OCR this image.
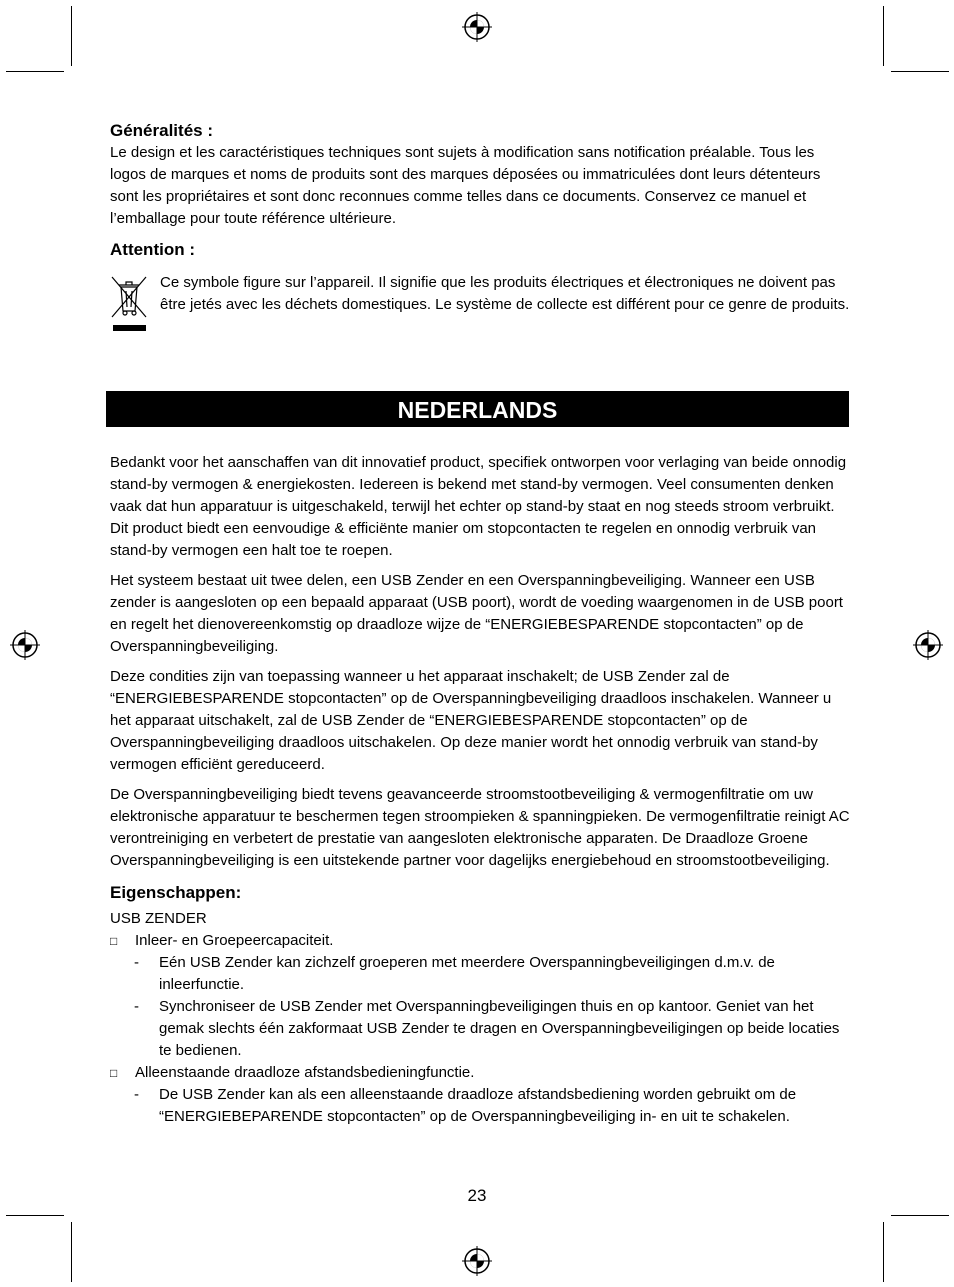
Généralités :

Le design et les caractéristiques techniques sont sujets à modification sans notification préalable. Tous les logos de marques et noms de produits sont des marques déposées ou immatriculées dont leurs détenteurs sont les propriétaires et sont donc reconnues comme telles dans ce documents. Conservez ce manuel et l’emballage pour toute référence ultérieure.

Attention :

Ce symbole figure sur l’appareil. Il signifie que les produits électriques et électroniques ne doivent pas être jetés avec les déchets domestiques. Le système de collecte est différent pour ce genre de produits.

NEDERLANDS

Bedankt voor het aanschaffen van dit innovatief product, specifiek ontworpen voor verlaging van beide onnodig stand-by vermogen & energiekosten. Iedereen is bekend met stand-by vermogen. Veel consumenten denken vaak dat hun apparatuur is uitgeschakeld, terwijl het echter op stand-by staat en nog steeds stroom verbruikt. Dit product biedt een eenvoudige & efficiënte manier om stopcontacten te regelen en onnodig verbruik van stand-by vermogen een halt toe te roepen.

Het systeem bestaat uit twee delen, een USB Zender en een Overspanningbeveiliging. Wanneer een USB zender is aangesloten op een bepaald apparaat (USB poort), wordt de voeding waargenomen in de USB poort en regelt het dienovereenkomstig op draadloze wijze de “ENERGIEBESPARENDE stopcontacten” op de Overspanningbeveiliging.

Deze condities zijn van toepassing wanneer u het apparaat inschakelt; de USB Zender zal de “ENERGIEBESPARENDE stopcontacten” op de Overspanningbeveiliging draadloos inschakelen. Wanneer u het apparaat uitschakelt, zal de USB Zender de “ENERGIEBESPARENDE stopcontacten” op de Overspanningbeveiliging draadloos uitschakelen. Op deze manier wordt het onnodig verbruik van stand-by vermogen efficiënt gereduceerd.

De Overspanningbeveiliging biedt tevens geavanceerde stroomstootbeveiliging & vermogenfiltratie om uw elektronische apparatuur te beschermen tegen stroompieken & spanningpieken. De vermogenfiltratie reinigt AC verontreiniging en verbetert de prestatie van aangesloten elektronische apparaten. De Draadloze Groene Overspanningbeveiliging is een uitstekende partner voor dagelijks energiebehoud en stroomstootbeveiliging.

Eigenschappen:
USB ZENDER
□ Inleer- en Groepeercapaciteit.
- Eén USB Zender kan zichzelf groeperen met meerdere Overspanningbeveiligingen d.m.v. de inleerfunctie.
- Synchroniseer de USB Zender met Overspanningbeveiligingen thuis en op kantoor. Geniet van het gemak slechts één zakformaat USB Zender te dragen en Overspanningbeveiligingen op beide locaties te bedienen.
□ Alleenstaande draadloze afstandsbedieningfunctie.
- De USB Zender kan als een alleenstaande draadloze afstandsbediening worden gebruikt om de “ENERGIEBEPARENDE stopcontacten” op de Overspanningbeveiliging in- en uit te schakelen.
23
